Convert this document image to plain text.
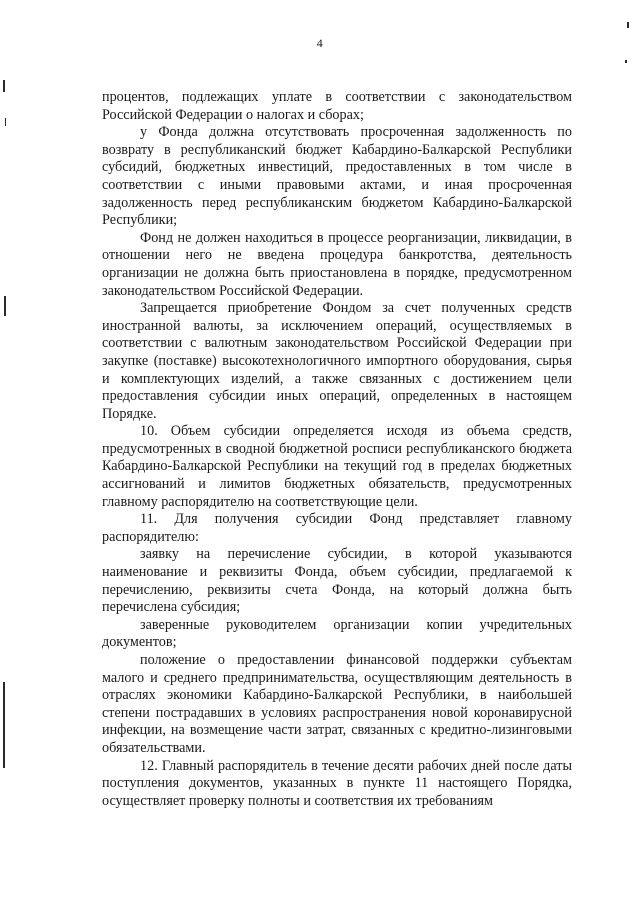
4

процентов, подлежащих уплате в соответствии с законодательством Российской Федерации о налогах и сборах;

у Фонда должна отсутствовать просроченная задолженность по возврату в республиканский бюджет Кабардино-Балкарской Республики субсидий, бюджетных инвестиций, предоставленных в том числе в соответствии с иными правовыми актами, и иная просроченная задолженность перед республиканским бюджетом Кабардино-Балкарской Республики;

Фонд не должен находиться в процессе реорганизации, ликвидации, в отношении него не введена процедура банкротства, деятельность организации не должна быть приостановлена в порядке, предусмотренном законодательством Российской Федерации.

Запрещается приобретение Фондом за счет полученных средств иностранной валюты, за исключением операций, осуществляемых в соответствии с валютным законодательством Российской Федерации при закупке (поставке) высокотехнологичного импортного оборудования, сырья и комплектующих изделий, а также связанных с достижением цели предоставления субсидии иных операций, определенных в настоящем Порядке.

10. Объем субсидии определяется исходя из объема средств, предусмотренных в сводной бюджетной росписи республиканского бюджета Кабардино-Балкарской Республики на текущий год в пределах бюджетных ассигнований и лимитов бюджетных обязательств, предусмотренных главному распорядителю на соответствующие цели.

11. Для получения субсидии Фонд представляет главному распорядителю:

заявку на перечисление субсидии, в которой указываются наименование и реквизиты Фонда, объем субсидии, предлагаемой к перечислению, реквизиты счета Фонда, на который должна быть перечислена субсидия;

заверенные руководителем организации копии учредительных документов;

положение о предоставлении финансовой поддержки субъектам малого и среднего предпринимательства, осуществляющим деятельность в отраслях экономики Кабардино-Балкарской Республики, в наибольшей степени пострадавших в условиях распространения новой коронавирусной инфекции, на возмещение части затрат, связанных с кредитно-лизинговыми обязательствами.

12. Главный распорядитель в течение десяти рабочих дней после даты поступления документов, указанных в пункте 11 настоящего Порядка, осуществляет проверку полноты и соответствия их требованиям
